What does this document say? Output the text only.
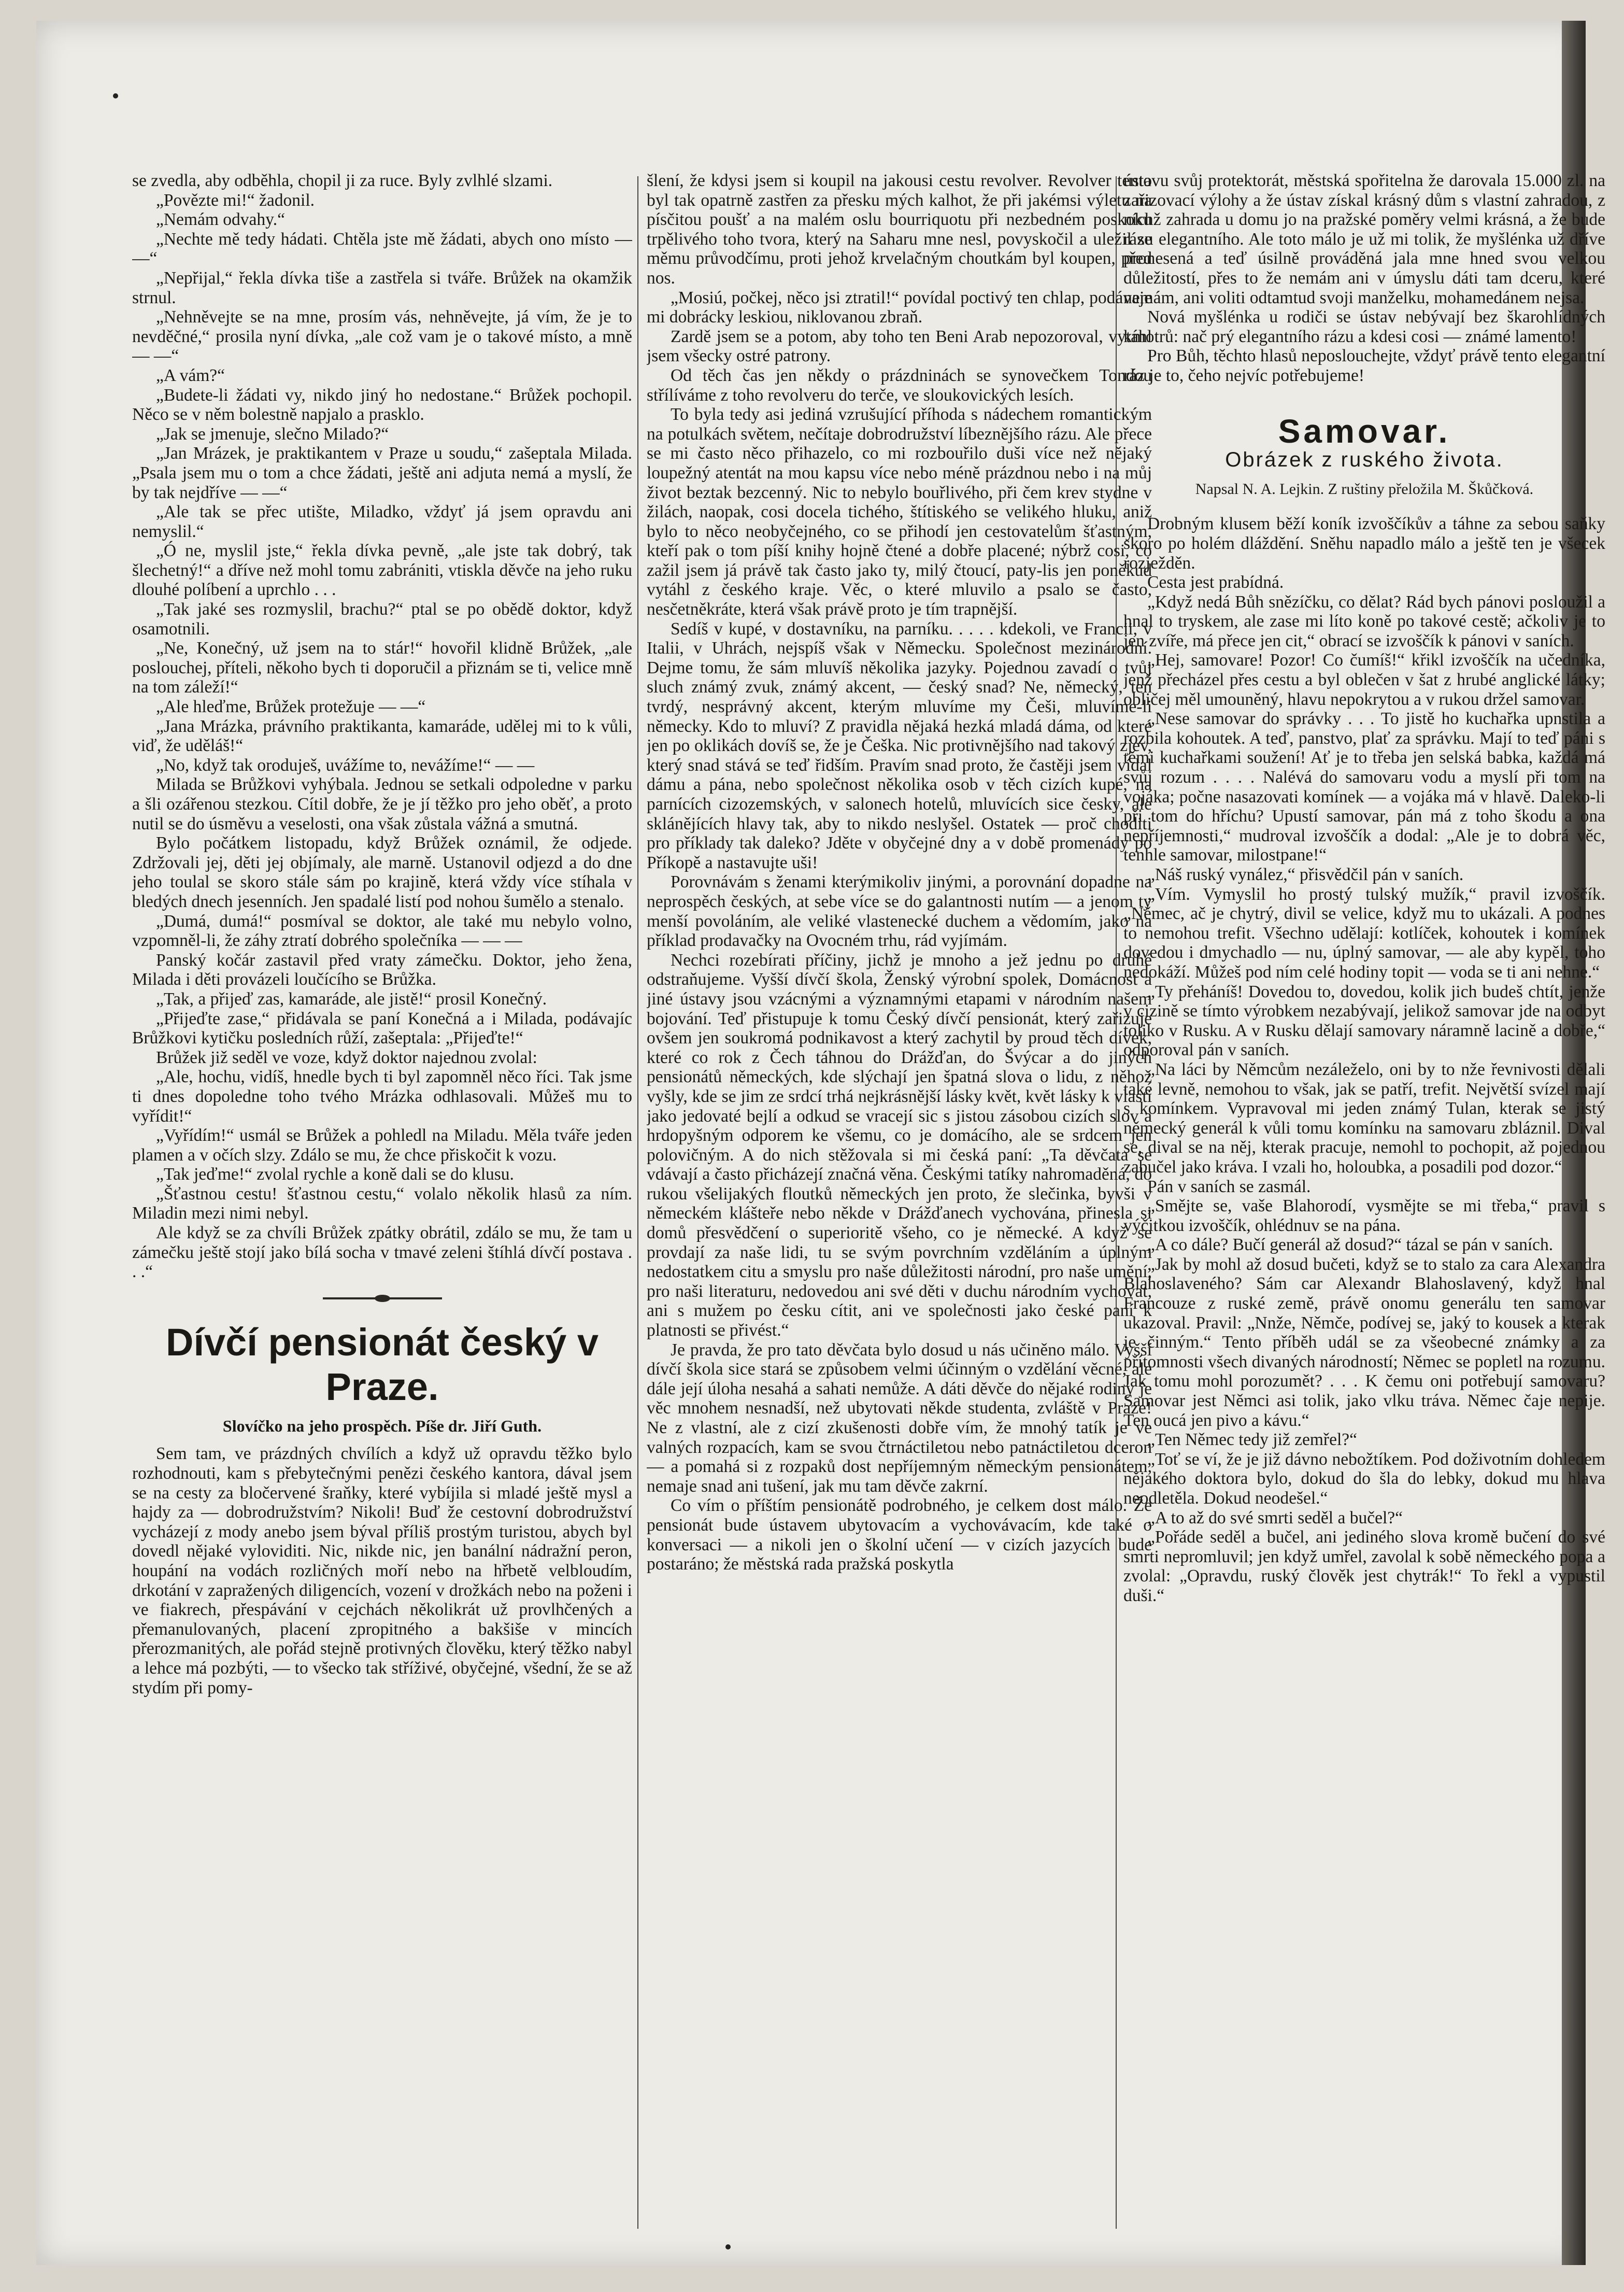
se zvedla, aby odběhla, chopil ji za ruce. Byly zvlhlé slzami.

„Povězte mi!“ žadonil.

„Nemám odvahy.“

„Nechte mě tedy hádati. Chtěla jste mě žádati, abych ono místo — —“

„Nepřijal,“ řekla dívka tiše a zastřela si tváře. Brůžek na okamžik strnul.

„Nehněvejte se na mne, prosím vás, nehněvejte, já vím, že je to nevděčné,“ prosila nyní dívka, „ale což vam je o takové místo, a mně — —“

„A vám?“

„Budete-li žádati vy, nikdo jiný ho nedostane.“ Brůžek pochopil. Něco se v něm bolestně napjalo a prasklo.

„Jak se jmenuje, slečno Milado?“

„Jan Mrázek, je praktikantem v Praze u soudu,“ zašeptala Milada. „Psala jsem mu o tom a chce žádati, ještě ani adjuta nemá a myslí, že by tak nejdříve — —“

„Ale tak se přec utište, Miladko, vždyť já jsem opravdu ani nemyslil.“

„Ó ne, myslil jste,“ řekla dívka pevně, „ale jste tak dobrý, tak šlechetný!“ a dříve než mohl tomu zabrániti, vtiskla děvče na jeho ruku dlouhé políbení a uprchlo . . .

„Tak jaké ses rozmyslil, brachu?“ ptal se po obědě doktor, když osamotnili.

„Ne, Konečný, už jsem na to stár!“ hovořil klidně Brůžek, „ale poslouchej, příteli, někoho bych ti doporučil a přiznám se ti, velice mně na tom záleží!“

„Ale hleďme, Brůžek protežuje — —“

„Jana Mrázka, právního praktikanta, kamaráde, udělej mi to k vůli, viď, že uděláš!“

„No, když tak oroduješ, uvážíme to, nevážíme!“ — —

Milada se Brůžkovi vyhýbala. Jednou se setkali odpoledne v parku a šli ozářenou stezkou. Cítil dobře, že je jí těžko pro jeho oběť, a proto nutil se do úsměvu a veselosti, ona však zůstala vážná a smutná.

Bylo počátkem listopadu, když Brůžek oznámil, že odjede. Zdržovali jej, děti jej objímaly, ale marně. Ustanovil odjezd a do dne jeho toulal se skoro stále sám po krajině, která vždy více stíhala v bledých dnech jesenních. Jen spadalé listí pod nohou šumělo a stenalo.

„Dumá, dumá!“ posmíval se doktor, ale také mu nebylo volno, vzpomněl-li, že záhy ztratí dobrého společníka — — —

Panský kočár zastavil před vraty zámečku. Doktor, jeho žena, Milada i děti provázeli loučícího se Brůžka.

„Tak, a přijeď zas, kamaráde, ale jistě!“ prosil Konečný.

„Přijeďte zase,“ přidávala se paní Konečná a i Milada, podávajíc Brůžkovi kytičku posledních růží, zašeptala: „Přijeďte!“

Brůžek již seděl ve voze, když doktor najednou zvolal:

„Ale, hochu, vidíš, hnedle bych ti byl zapomněl něco říci. Tak jsme ti dnes dopoledne toho tvého Mrázka odhlasovali. Můžeš mu to vyřídit!“

„Vyřídím!“ usmál se Brůžek a pohledl na Miladu. Měla tváře jeden plamen a v očích slzy. Zdálo se mu, že chce přiskočit k vozu.

„Tak jeďme!“ zvolal rychle a koně dali se do klusu.

„Šťastnou cestu! šťastnou cestu,“ volalo několik hlasů za ním. Miladin mezi nimi nebyl.

Ale když se za chvíli Brůžek zpátky obrátil, zdálo se mu, že tam u zámečku ještě stojí jako bílá socha v tmavé zeleni štíhlá dívčí postava . . .“

Dívčí pensionát český v Praze.
Slovíčko na jeho prospěch. Píše dr. Jiří Guth.

Sem tam, ve prázdných chvílích a když už opravdu těžko bylo rozhodnouti, kam s přebytečnými penězi českého kantora, dával jsem se na cesty za bločervené šraňky, které vybíjila si mladé ještě mysl a hajdy za — dobrodružstvím? Nikoli! Buď že cestovní dobrodružství vycházejí z mody anebo jsem býval příliš prostým turistou, abych byl dovedl nějaké vyloviditi. Nic, nikde nic, jen banální nádražní peron, houpání na vodách rozličných moří nebo na hřbetě velbloudím, drkotání v zapražených diligencích, vození v drožkách nebo na poženi i ve fiakrech, přespávání v cejchách několikrát už provlhčených a přemanulovaných, placení zpropitného a bakšiše v mincích přerozmanitých, ale pořád stejně protivných člověku, který těžko nabyl a lehce má pozbýti, — to všecko tak stříživé, obyčejné, všední, že se až stydím při pomy-

šlení, že kdysi jsem si koupil na jakousi cestu revolver. Revolver tento byl tak opatrně zastřen za přesku mých kalhot, že při jakémsi výletu na písčitou poušť a na malém oslu bourriquotu při nezbedném poskoku trpělivého toho tvora, který na Saharu mne nesl, povyskočil a uležil se měmu průvodčímu, proti jehož krvelačným choutkám byl koupen, před nos.

„Mosiú, počkej, něco jsi ztratil!“ povídal poctivý ten chlap, podávaje mi dobrácky leskiou, niklovanou zbraň.

Zardě jsem se a potom, aby toho ten Beni Arab nepozoroval, vytáhl jsem všecky ostré patrony.

Od těch čas jen někdy o prázdninách se synovečkem Tondou střílíváme z toho revolveru do terče, ve sloukovických lesích.

To byla tedy asi jediná vzrušující příhoda s nádechem romantickým na potulkách světem, nečítaje dobrodružství líbeznějšího rázu. Ale přece se mi často něco přihazelo, co mi rozbouřilo duši více než nějaký loupežný atentát na mou kapsu více nebo méně prázdnou nebo i na můj život beztak bezcenný. Nic to nebylo bouřlivého, při čem krev stydne v žilách, naopak, cosi docela tichého, štítiského se velikého hluku, aniž bylo to něco neobyčejného, co se přihodí jen cestovatelům šťastným, kteří pak o tom píší knihy hojně čtené a dobře placené; nýbrž cosi, co zažil jsem já právě tak často jako ty, milý čtoucí, paty-lis jen poněkud vytáhl z českého kraje. Věc, o které mluvilo a psalo se často, nesčetněkráte, která však právě proto je tím trapnější.

Sedíš v kupé, v dostavníku, na parníku. . . . . kdekoli, ve Francii, v Italii, v Uhrách, nejspíš však v Německu. Společnost mezinárodní. Dejme tomu, že sám mluvíš několika jazyky. Pojednou zavadí o tvůj sluch známý zvuk, známý akcent, — český snad? Ne, německý, ten tvrdý, nesprávný akcent, kterým mluvíme my Češi, mluvíme-li německy. Kdo to mluví? Z pravidla nějaká hezká mladá dáma, od které jen po oklikách dovíš se, že je Češka. Nic protivnějšího nad takový zjev, který snad stává se teď řidším. Pravím snad proto, že častěji jsem vídal dámu a pána, nebo společnost několika osob v těch cizích kupé, na parnících cizozemských, v salonech hotelů, mluvících sice česky, ale sklánějících hlavy tak, aby to nikdo neslyšel. Ostatek — proč choditi pro příklady tak daleko? Jděte v obyčejné dny a v době promenády po Příkopě a nastavujte uši!

Porovnávám s ženami kterýmikoliv jinými, a porovnání dopadne na neprospěch českých, at sebe více se do galantnosti nutím — a jenom ty menší povoláním, ale veliké vlastenecké duchem a vědomím, jako na příklad prodavačky na Ovocném trhu, rád vyjímám.

Nechci rozebírati příčiny, jichž je mnoho a jež jednu po druhé odstraňujeme. Vyšší dívčí škola, Ženský výrobní spolek, Domácnost a jiné ústavy jsou vzácnými a významnými etapami v národním našem bojování. Teď přistupuje k tomu Český dívčí pensionát, který zařizuje ovšem jen soukromá podnikavost a který zachytil by proud těch dívek, které co rok z Čech táhnou do Drážďan, do Švýcar a do jiných pensionátů německých, kde slýchají jen špatná slova o lidu, z něhož vyšly, kde se jim ze srdcí trhá nejkrásnější lásky květ, květ lásky k vlasti jako jedovaté bejlí a odkud se vracejí sic s jistou zásobou cizích slov a hrdopyšným odporem ke všemu, co je domácího, ale se srdcem jen polovičným. A do nich stěžovala si mi česká paní: „Ta děvčata se vdávají a často přicházejí značná věna. Českými tatíky nahromaděná, do rukou všelijakých floutků německých jen proto, že slečinka, byvši v německém klášteře nebo někde v Drážďanech vychována, přinesla si domů přesvědčení o superioritě všeho, co je německé. A když se provdají za naše lidi, tu se svým povrchním vzděláním a úplným nedostatkem citu a smyslu pro naše důležitosti národní, pro naše umění, pro naši literaturu, nedovedou ani své děti v duchu národním vychovat, ani s mužem po česku cítit, ani ve společnosti jako české paní k platnosti se přivést.“

Je pravda, že pro tato děvčata bylo dosud u nás učiněno málo. Vyšší dívčí škola sice stará se způsobem velmi účinným o vzdělání věcné, ale dále její úloha nesahá a sahati nemůže. A dáti děvče do nějaké rodiny je věc mnohem nesnadší, než ubytovati někde studenta, zvláště v Praze! Ne z vlastní, ale z cizí zkušenosti dobře vím, že mnohý tatík je ve valných rozpacích, kam se svou čtrnáctiletou nebo patnáctiletou dceron — a pomahá si z rozpaků dost nepříjemným německým pensionátem, nemaje snad ani tušení, jak mu tam děvče zakrní.

Co vím o příštím pensionátě podrobného, je celkem dost málo. Že pensionát bude ústavem ubytovacím a vychovávacím, kde také o konversaci — a nikoli jen o školní učení — v cizích jazycích bude postaráno; že městská rada pražská poskytla

ústavu svůj protektorát, městská spořitelna že darovala 15.000 zl. na zařizovací výlohy a že ústav získal krásný dům s vlastní zahradou, z níchž zahrada u domu jo na pražské poměry velmi krásná, a že bude rázu elegantního. Ale toto málo je už mi tolik, že myšlénka už dříve pronesená a teď úsilně prováděná jala mne hned svou velkou důležitostí, přes to že nemám ani v úmyslu dáti tam dceru, které nemám, ani voliti odtamtud svoji manželku, mohamedánem nejsa.

Nová myšlénka u rodiči se ústav nebývají bez škarohlídných kmotrů: nač prý elegantního rázu a kdesi cosi — známé lamento!

Pro Bůh, těchto hlasů neposlouchejte, vždyť právě tento elegantní ráz je to, čeho nejvíc potřebujeme!

Samovar.
Obrázek z ruského života.
Napsal N. A. Lejkin. Z ruštiny přeložila M. Škůčková.

Drobným klusem běží koník izvoščíkův a táhne za sebou saňky skoro po holém dláždění. Sněhu napadlo málo a ještě ten je všecek rozježděn.

Cesta jest prabídná.

„Když nedá Bůh snězíčku, co dělat? Rád bych pánovi posloužil a hnal to tryskem, ale zase mi líto koně po takové cestě; ačkoliv je to jen zvíře, má přece jen cit,“ obrací se izvoščík k pánovi v saních.

„Hej, samovare! Pozor! Co čumíš!“ křikl izvoščík na učedníka, jenž přecházel přes cestu a byl oblečen v šat z hrubé anglické látky; obličej měl umouněný, hlavu nepokrytou a v rukou držel samovar.

„Nese samovar do správky . . . To jistě ho kuchařka upnstila a rozbila kohoutek. A teď, panstvo, plať za správku. Mají to teď páni s těmi kuchařkami soužení! Ať je to třeba jen selská babka, každá má svůj rozum . . . . Nalévá do samovaru vodu a myslí při tom na vojáka; počne nasazovati komínek — a vojáka má v hlavě. Daleko-li při tom do hříchu? Upustí samovar, pán má z toho škodu a ona nepříjemnosti,“ mudroval izvoščík a dodal: „Ale je to dobrá věc, tenhle samovar, milostpane!“

„Náš ruský vynález,“ přisvědčil pán v saních.

„Vím. Vymyslil ho prostý tulský mužík,“ pravil izvoščík. „Němec, ač je chytrý, divil se velice, když mu to ukázali. A podnes to nemohou trefit. Všechno udělají: kotlíček, kohoutek i komínek dovedou i dmychadlo — nu, úplný samovar, — ale aby kypěl, toho nedokáží. Můžeš pod ním celé hodiny topit — voda se ti ani nehne.“

„Ty přeháníš! Dovedou to, dovedou, kolik jich budeš chtít, jenže v cizině se tímto výrobkem nezabývají, jelikož samovar jde na odbyt toliko v Rusku. A v Rusku dělají samovary náramně lacině a dobře,“ odporoval pán v saních.

„Na láci by Němcům nezáleželo, oni by to nže řevnivosti dělali také levně, nemohou to však, jak se patří, trefit. Největší svízel mají s komínkem. Vypravoval mi jeden známý Tulan, kterak se jistý německý generál k vůli tomu komínku na samovaru zbláznil. Dival se, dival se na něj, kterak pracuje, nemohl to pochopit, až pojednou zabučel jako kráva. I vzali ho, holoubka, a posadili pod dozor.“

Pán v saních se zasmál.

„Smějte se, vaše Blahorodí, vysmějte se mi třeba,“ pravil s výčitkou izvoščík, ohlédnuv se na pána.

„A co dále? Bučí generál až dosud?“ tázal se pán v saních.

„Jak by mohl až dosud bučeti, když se to stalo za cara Alexandra Blahoslaveného? Sám car Alexandr Blahoslavený, když hnal Francouze z ruské země, právě onomu generálu ten samovar ukazoval. Pravil: „Nnže, Němče, podívej se, jaký to kousek a kterak je činným.“ Tento příběh udál se za všeobecné známky a za přítomnosti všech divaných národností; Němec se popletl na rozumu. Jak tomu mohl porozumět? . . . K čemu oni potřebují samovaru? Samovar jest Němci asi tolik, jako vlku tráva. Němec čaje nepije. Ten oucá jen pivo a kávu.“

„Ten Němec tedy již zemřel?“

„Toť se ví, že je již dávno nebožtíkem. Pod doživotním dohledem nějakého doktora bylo, dokud do šla do lebky, dokud mu hlava neodletěla. Dokud neodešel.“

„A to až do své smrti seděl a bučel?“

„Pořáde seděl a bučel, ani jediného slova kromě bučení do své smrti nepromluvil; jen když umřel, zavolal k sobě německého popa a zvolal: „Opravdu, ruský člověk jest chytrák!“ To řekl a vypustil duši.“
